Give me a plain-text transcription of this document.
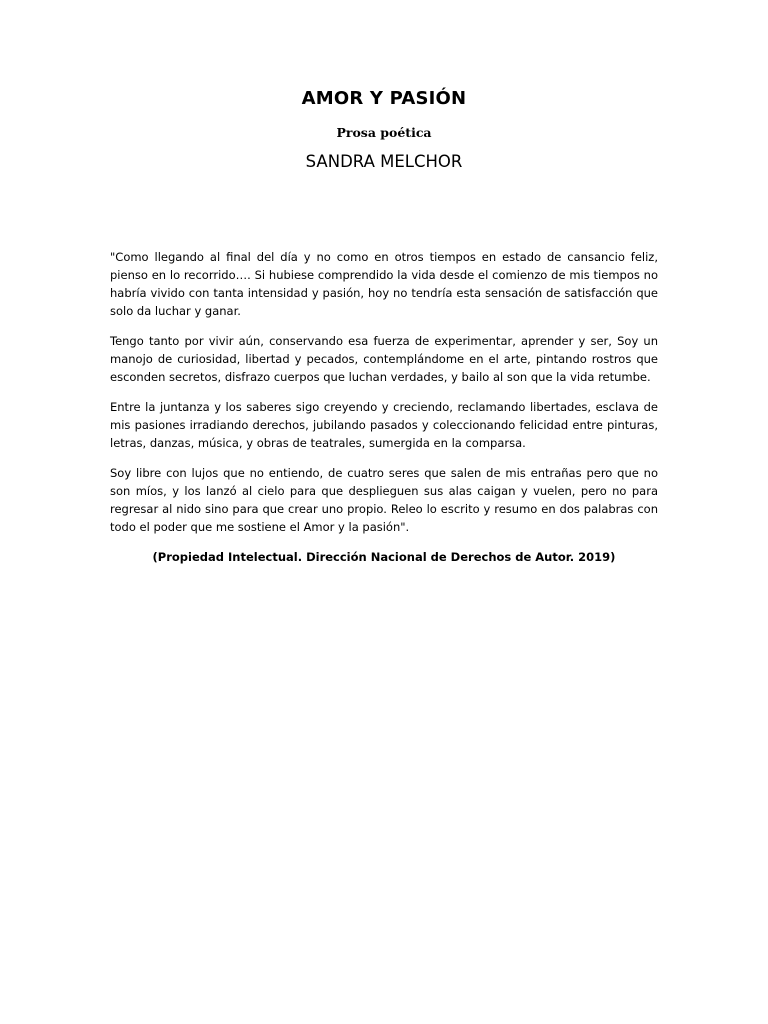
AMOR Y PASIÓN
Prosa poética
SANDRA MELCHOR

"Como llegando al final del día y no como en otros tiempos en estado de cansancio feliz, pienso en lo recorrido…. Si hubiese comprendido la vida desde el comienzo de mis tiempos no habría vivido con tanta intensidad y pasión, hoy no tendría esta sensación de satisfacción que solo da luchar y ganar.

Tengo tanto por vivir aún, conservando esa fuerza de experimentar, aprender y ser, Soy un manojo de curiosidad, libertad y pecados, contemplándome en el arte, pintando rostros que esconden secretos, disfrazo cuerpos que luchan verdades, y bailo al son que la vida retumbe.

Entre la juntanza y los saberes sigo creyendo y creciendo, reclamando libertades, esclava de mis pasiones irradiando derechos, jubilando pasados y coleccionando felicidad entre pinturas, letras, danzas, música, y obras de teatrales, sumergida en la comparsa.

Soy libre con lujos que no entiendo, de cuatro seres que salen de mis entrañas pero que no son míos, y los lanzó al cielo para que desplieguen sus alas caigan y vuelen, pero no para regresar al nido sino para que crear uno propio. Releo lo escrito y resumo en dos palabras con todo el poder que me sostiene el Amor y la pasión".

(Propiedad Intelectual. Dirección Nacional de Derechos de Autor. 2019)
